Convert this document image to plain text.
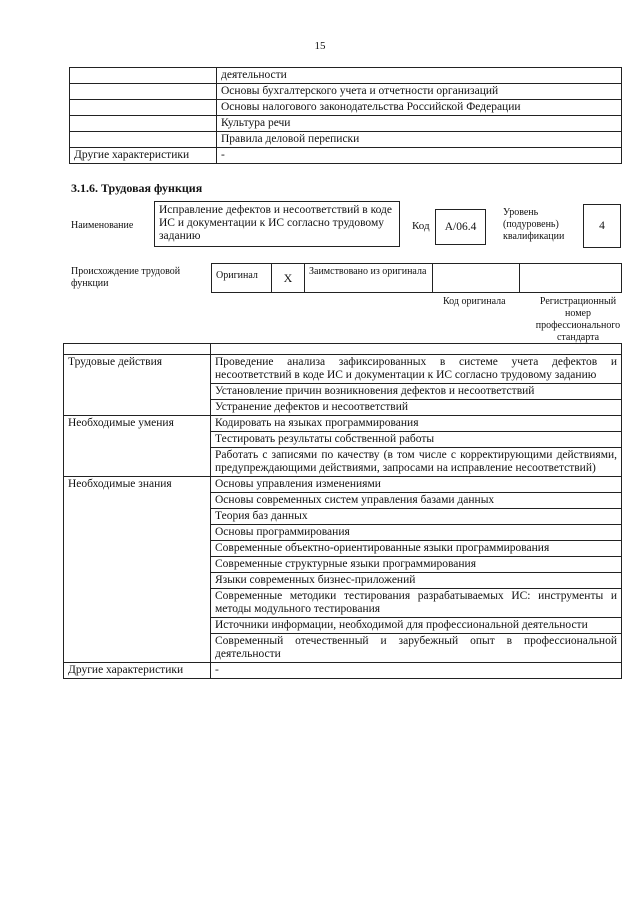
15
	деятельности
	Основы бухгалтерского учета и отчетности организаций
	Основы налогового законодательства Российской Федерации
	Культура речи
	Правила деловой переписки
Другие характеристики	-
3.1.6. Трудовая функция
Наименование
Исправление дефектов и несоответствий в коде ИС и документации к ИС согласно трудовому заданию
Код A/06.4
Уровень (подуровень) квалификации
4
Происхождение трудовой функции
Оригинал	X	Заимствовано из оригинала
Код оригинала	Регистрационный номер профессионального стандарта

Трудовые действия	Проведение анализа зафиксированных в системе учета дефектов и несоответствий в коде ИС и документации к ИС согласно трудовому заданию
	Установление причин возникновения дефектов и несоответствий
	Устранение дефектов и несоответствий
Необходимые умения	Кодировать на языках программирования
	Тестировать результаты собственной работы
	Работать с записями по качеству (в том числе с корректирующими действиями, предупреждающими действиями, запросами на исправление несоответствий)
Необходимые знания	Основы управления изменениями
	Основы современных систем управления базами данных
	Теория баз данных
	Основы программирования
	Современные объектно-ориентированные языки программирования
	Современные структурные языки программирования
	Языки современных бизнес-приложений
	Современные методики тестирования разрабатываемых ИС: инструменты и методы модульного тестирования
	Источники информации, необходимой для профессиональной деятельности
	Современный отечественный и зарубежный опыт в профессиональной деятельности
Другие характеристики	-
